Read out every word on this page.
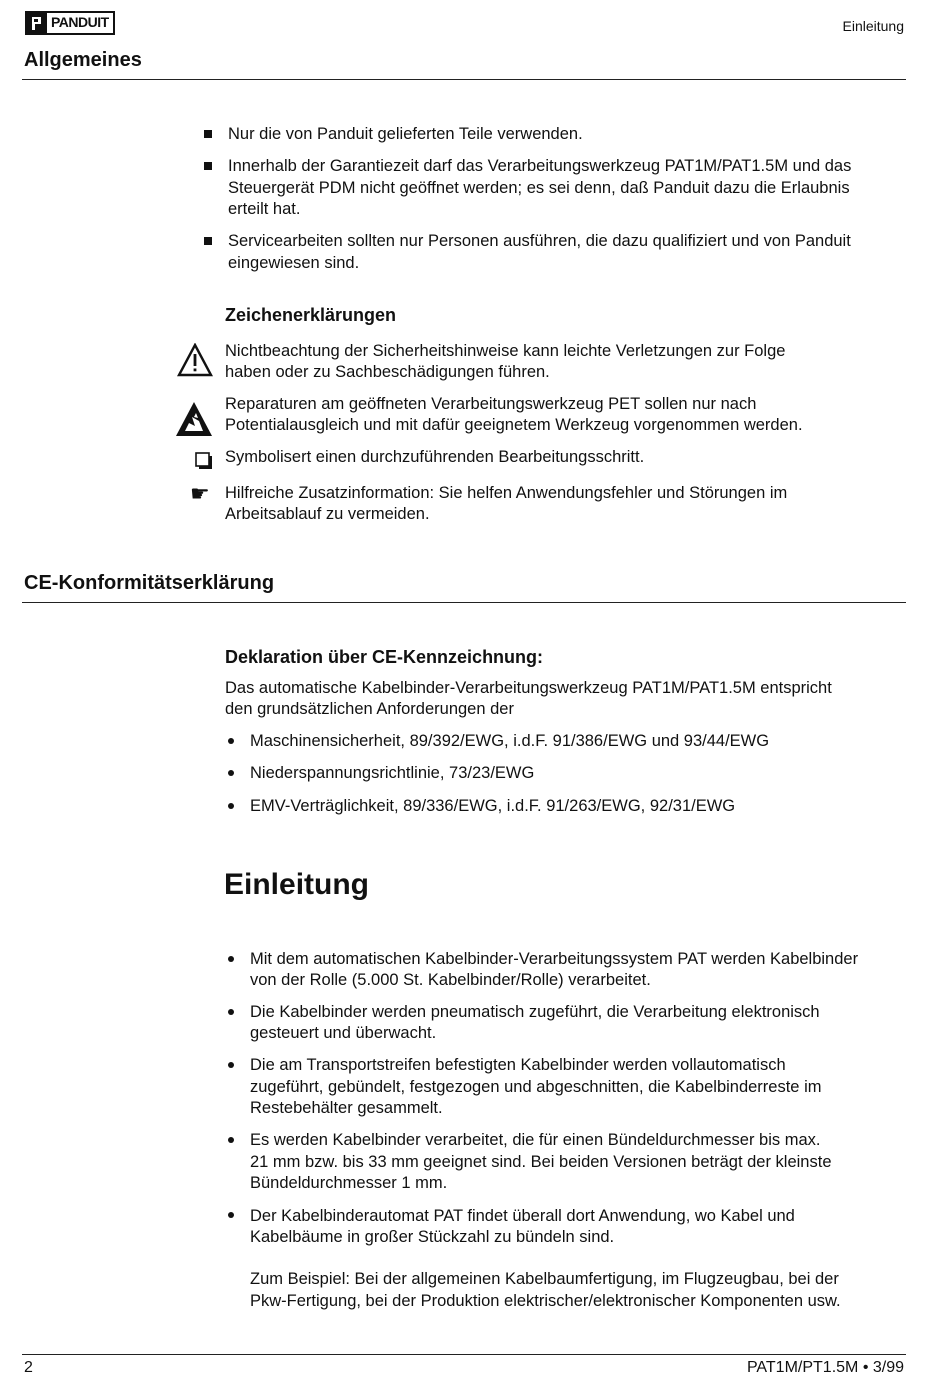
PANDUIT	Einleitung
Allgemeines
Nur die von Panduit gelieferten Teile verwenden.
Innerhalb der Garantiezeit darf das Verarbeitungswerkzeug PAT1M/PAT1.5M und das
Steuergerät PDM nicht geöffnet werden; es sei denn, daß Panduit dazu die Erlaubnis
erteilt hat.
Servicearbeiten sollten nur Personen ausführen, die dazu qualifiziert und von Panduit
eingewiesen sind.
Zeichenerklärungen
Nichtbeachtung der Sicherheitshinweise kann leichte Verletzungen zur Folge
haben oder zu Sachbeschädigungen führen.
Reparaturen am geöffneten Verarbeitungswerkzeug PET sollen nur nach
Potentialausgleich und mit dafür geeignetem Werkzeug vorgenommen werden.
Symbolisert einen durchzuführenden Bearbeitungsschritt.
☛ Hilfreiche Zusatzinformation: Sie helfen Anwendungsfehler und Störungen im
Arbeitsablauf zu vermeiden.
CE-Konformitätserklärung
Deklaration über CE-Kennzeichnung:
Das automatische Kabelbinder-Verarbeitungswerkzeug PAT1M/PAT1.5M entspricht
den grundsätzlichen Anforderungen der
Maschinensicherheit, 89/392/EWG, i.d.F. 91/386/EWG und 93/44/EWG
Niederspannungsrichtlinie, 73/23/EWG
EMV-Verträglichkeit, 89/336/EWG, i.d.F. 91/263/EWG, 92/31/EWG
Einleitung
Mit dem automatischen Kabelbinder-Verarbeitungssystem PAT werden Kabelbinder
von der Rolle (5.000 St. Kabelbinder/Rolle) verarbeitet.
Die Kabelbinder werden pneumatisch zugeführt, die Verarbeitung elektronisch
gesteuert und überwacht.
Die am Transportstreifen befestigten Kabelbinder werden vollautomatisch
zugeführt, gebündelt, festgezogen und abgeschnitten, die Kabelbinderreste im
Restebehälter gesammelt.
Es werden Kabelbinder verarbeitet, die für einen Bündeldurchmesser bis max.
21 mm bzw. bis 33 mm geeignet sind. Bei beiden Versionen beträgt der kleinste
Bündeldurchmesser 1 mm.
Der Kabelbinderautomat PAT findet überall dort Anwendung, wo Kabel und
Kabelbäume in großer Stückzahl zu bündeln sind.
Zum Beispiel: Bei der allgemeinen Kabelbaumfertigung, im Flugzeugbau, bei der
Pkw-Fertigung, bei der Produktion elektrischer/elektronischer Komponenten usw.
2	PAT1M/PT1.5M • 3/99
